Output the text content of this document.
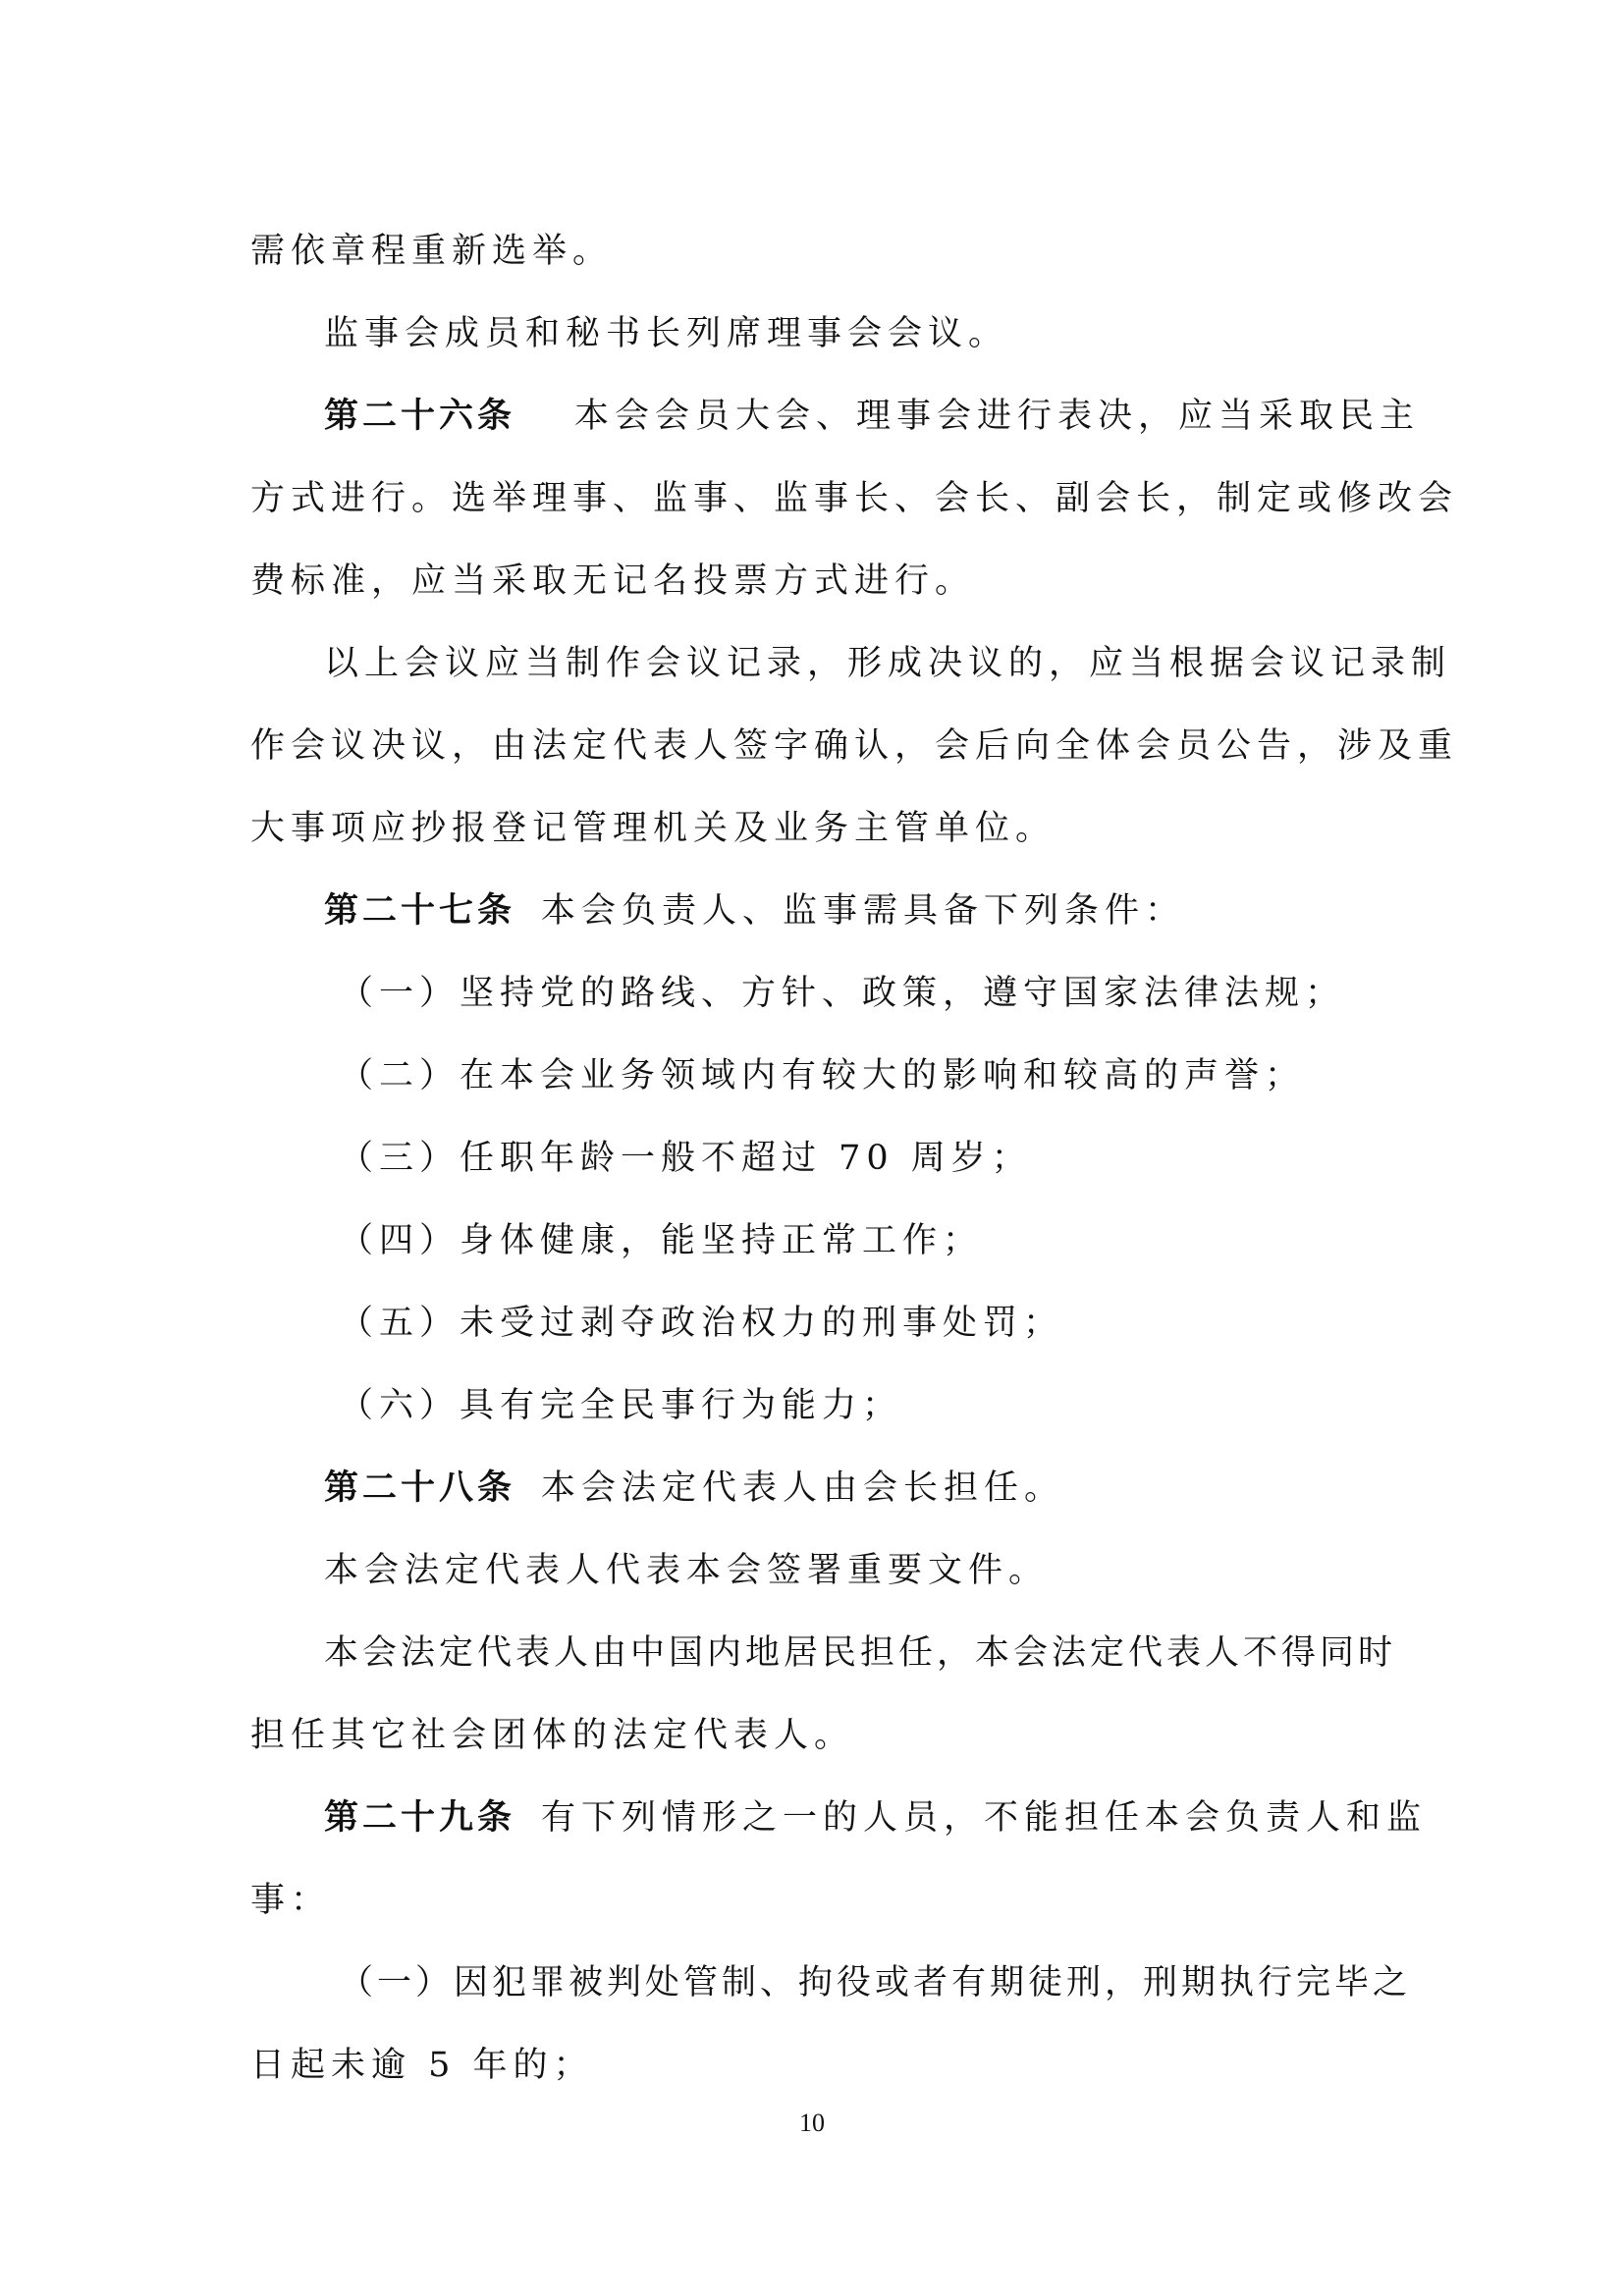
需依章程重新选举。
监事会成员和秘书长列席理事会会议。
第二十六条 本会会员大会、理事会进行表决，应当采取民主
方式进行。选举理事、监事、监事长、会长、副会长，制定或修改会
费标准，应当采取无记名投票方式进行。
以上会议应当制作会议记录，形成决议的，应当根据会议记录制
作会议决议，由法定代表人签字确认，会后向全体会员公告，涉及重
大事项应抄报登记管理机关及业务主管单位。
第二十七条 本会负责人、监事需具备下列条件：
（一）坚持党的路线、方针、政策，遵守国家法律法规；
（二）在本会业务领域内有较大的影响和较高的声誉；
（三）任职年龄一般不超过 70 周岁；
（四）身体健康，能坚持正常工作；
（五）未受过剥夺政治权力的刑事处罚；
（六）具有完全民事行为能力；
第二十八条 本会法定代表人由会长担任。
本会法定代表人代表本会签署重要文件。
本会法定代表人由中国内地居民担任，本会法定代表人不得同时
担任其它社会团体的法定代表人。
第二十九条 有下列情形之一的人员，不能担任本会负责人和监
事：
（一）因犯罪被判处管制、拘役或者有期徒刑，刑期执行完毕之
日起未逾 5 年的；
10
